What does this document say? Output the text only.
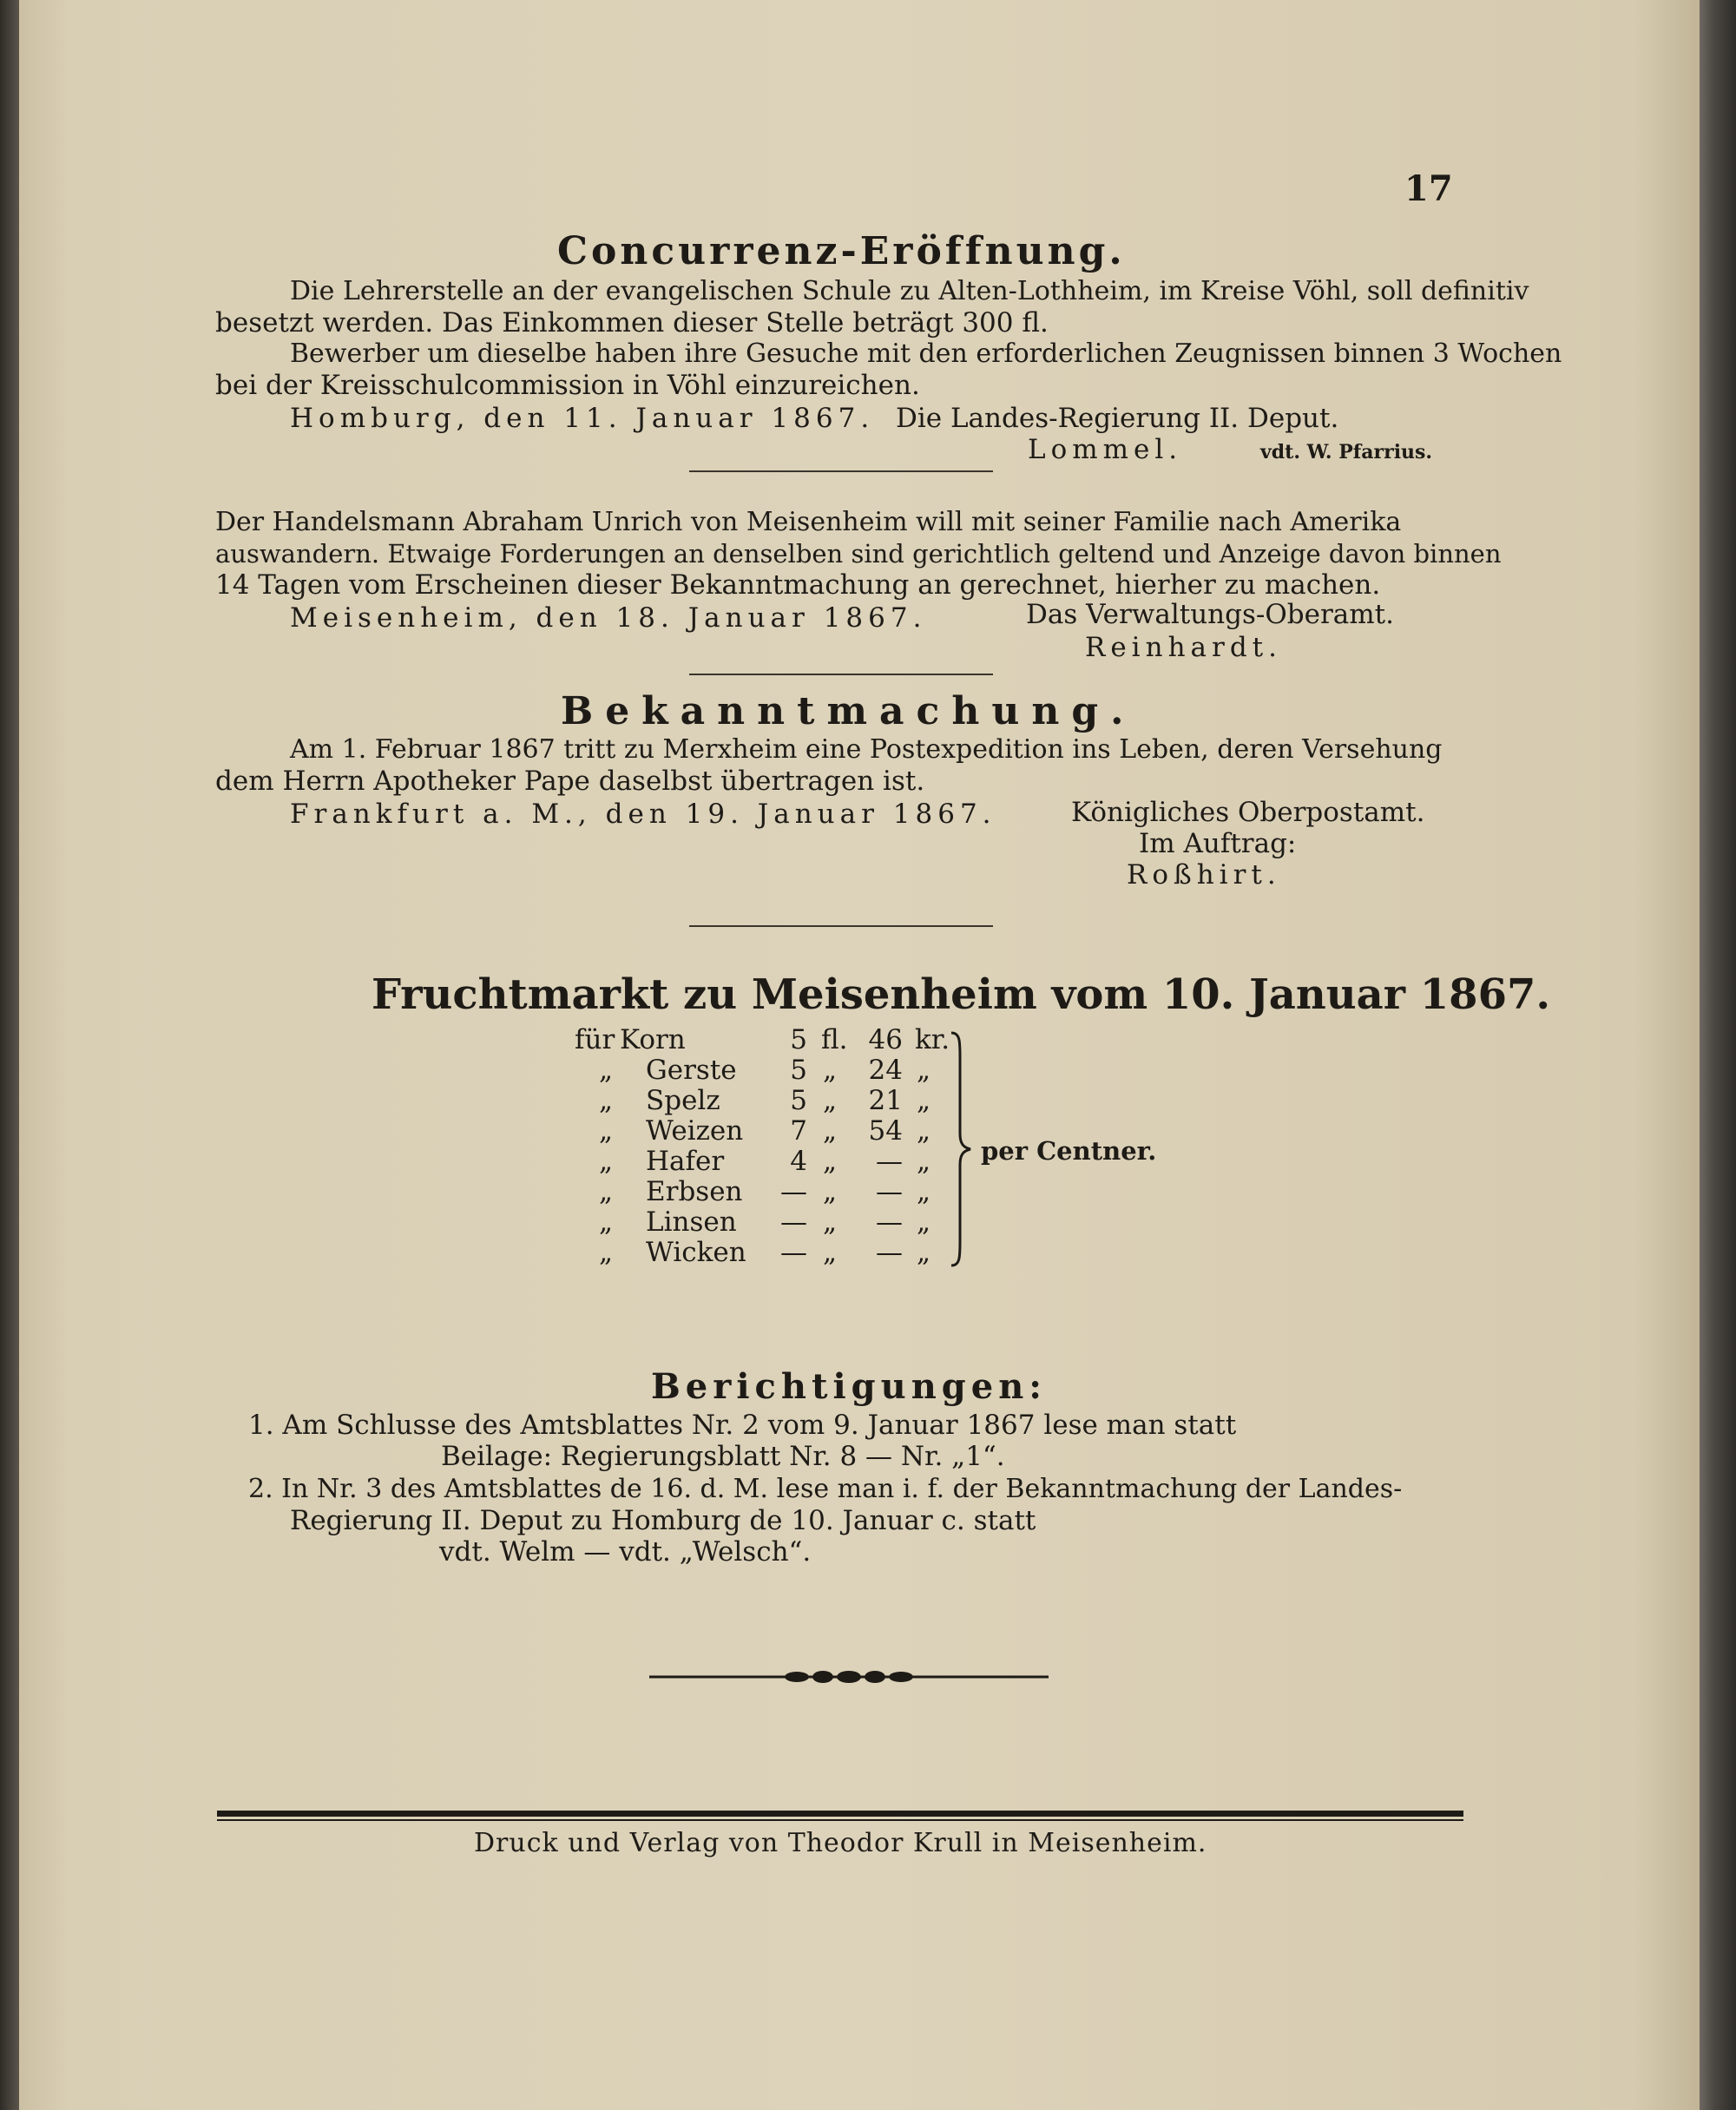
17
Concurrenz-Eröffnung.
Die Lehrerstelle an der evangelischen Schule zu Alten-Lothheim, im Kreise Vöhl, soll definitiv
besetzt werden. Das Einkommen dieser Stelle beträgt 300 fl.
Bewerber um dieselbe haben ihre Gesuche mit den erforderlichen Zeugnissen binnen 3 Wochen
bei der Kreisschulcommission in Vöhl einzureichen.
Homburg, den 11. Januar 1867. Die Landes-Regierung II. Deput.
Lommel.	vdt. W. Pfarrius.
Der Handelsmann Abraham Unrich von Meisenheim will mit seiner Familie nach Amerika
auswandern. Etwaige Forderungen an denselben sind gerichtlich geltend und Anzeige davon binnen
14 Tagen vom Erscheinen dieser Bekanntmachung an gerechnet, hierher zu machen.
Meisenheim, den 18. Januar 1867.	Das Verwaltungs-Oberamt.
Reinhardt.
Bekanntmachung.
Am 1. Februar 1867 tritt zu Merxheim eine Postexpedition ins Leben, deren Versehung
dem Herrn Apotheker Pape daselbst übertragen ist.
Frankfurt a. M., den 19. Januar 1867.	Königliches Oberpostamt.
Im Auftrag:
Roßhirt.
Fruchtmarkt zu Meisenheim vom 10. Januar 1867.
für Korn	5 fl. 46 kr.
„ Gerste	5 „	24 „
„ Spelz	5 „	21 „
„ Weizen	7 „	54 „
„ Hafer	4 „	— „
„ Erbsen — „	— „
„ Linsen — „	— „
„ Wicken — „	— „
per Centner.
Berichtigungen:
1. Am Schlusse des Amtsblattes Nr. 2 vom 9. Januar 1867 lese man statt
Beilage: Regierungsblatt Nr. 8 — Nr. „1“.
2. In Nr. 3 des Amtsblattes de 16. d. M. lese man i. f. der Bekanntmachung der Landes-
Regierung II. Deput zu Homburg de 10. Januar c. statt
vdt. Welm — vdt. „Welsch“.
Druck und Verlag von Theodor Krull in Meisenheim.
